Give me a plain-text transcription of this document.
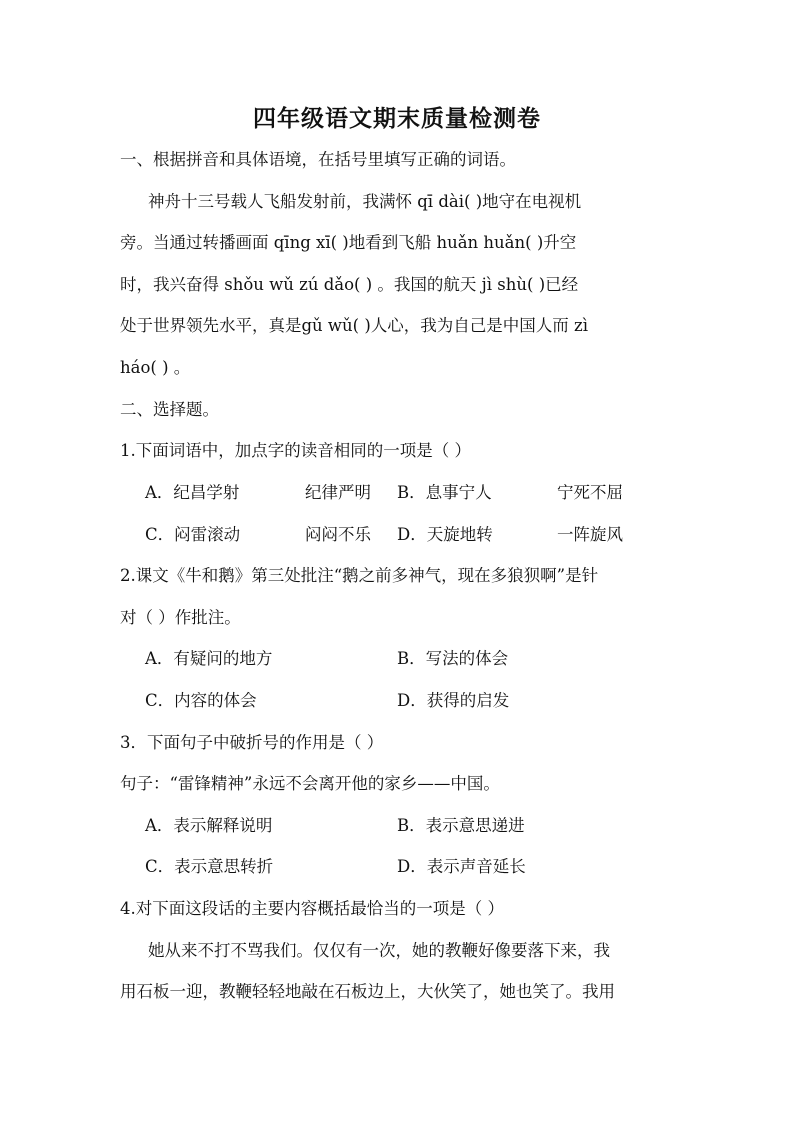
四年级语文期末质量检测卷
一、根据拼音和具体语境，在括号里填写正确的词语。
神舟十三号载人飞船发射前，我满怀 qī dài( )地守在电视机
旁。当通过转播画面 qīng xī( )地看到飞船 huǎn huǎn( )升空
时，我兴奋得 shǒu wǔ zú dǎo( ) 。我国的航天 jì shù( )已经
处于世界领先水平，真是gǔ wǔ( )人心，我为自己是中国人而 zì
háo( ) 。
二、选择题。
1.下面词语中，加点字的读音相同的一项是（ ）
A．纪昌学射	纪律严明 B．息事宁人	宁死不屈
C．闷雷滚动	闷闷不乐 D．天旋地转	一阵旋风
2.课文《牛和鹅》第三处批注“鹅之前多神气，现在多狼狈啊”是针
对（ ）作批注。
A．有疑问的地方	B．写法的体会
C．内容的体会	D．获得的启发
3．下面句子中破折号的作用是（ ）
句子：“雷锋精神”永远不会离开他的家乡——中国。
A．表示解释说明	B．表示意思递进
C．表示意思转折	D．表示声音延长
4.对下面这段话的主要内容概括最恰当的一项是（ ）
她从来不打不骂我们。仅仅有一次，她的教鞭好像要落下来，我
用石板一迎，教鞭轻轻地敲在石板边上，大伙笑了，她也笑了。我用
